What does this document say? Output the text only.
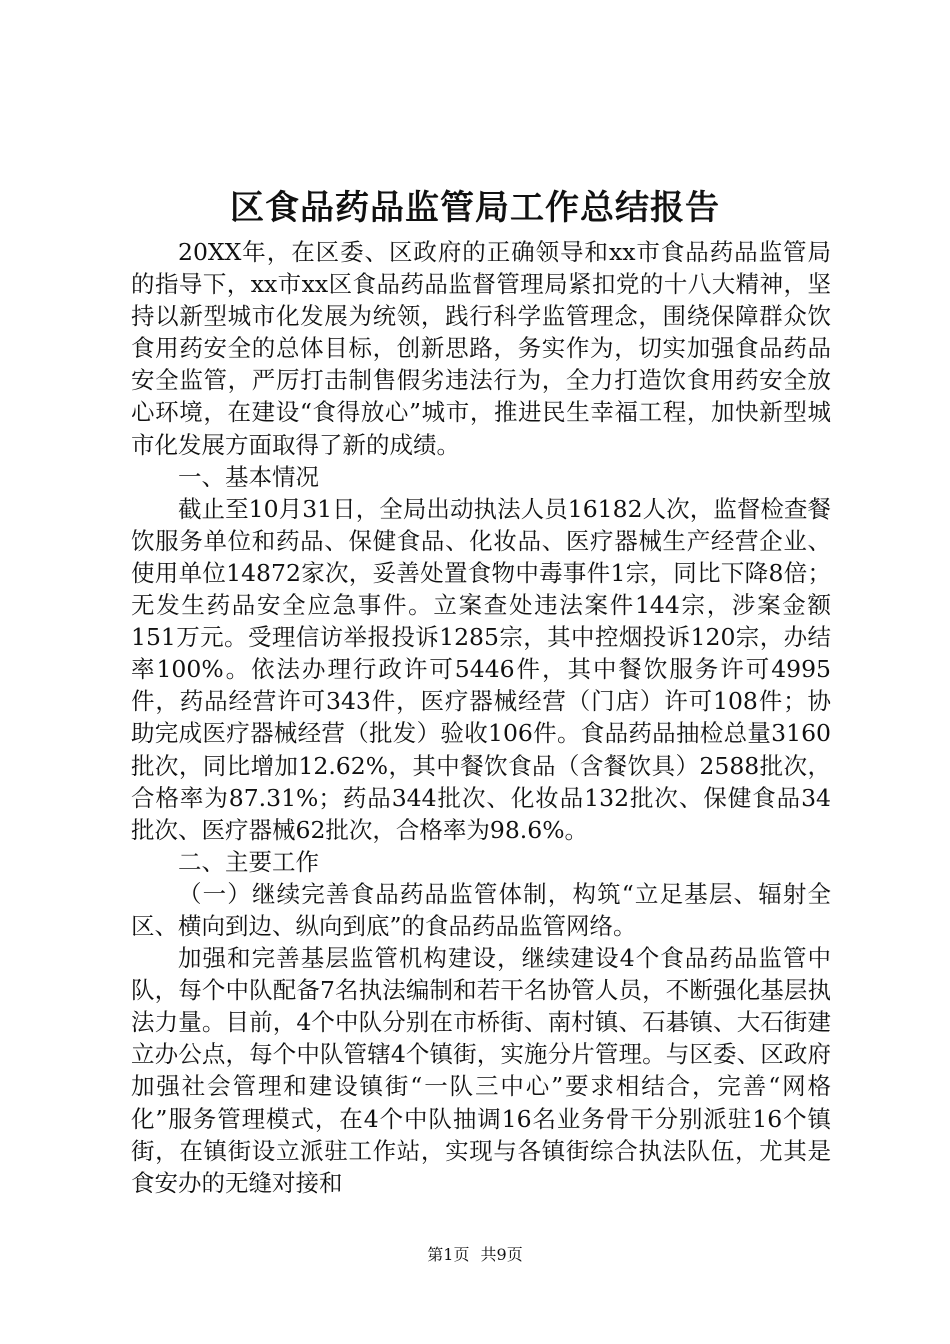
区食品药品监管局工作总结报告

20XX年，在区委、区政府的正确领导和xx市食品药品监管局的指导下，xx市xx区食品药品监督管理局紧扣党的十八大精神，坚持以新型城市化发展为统领，践行科学监管理念，围绕保障群众饮食用药安全的总体目标，创新思路，务实作为，切实加强食品药品安全监管，严厉打击制售假劣违法行为，全力打造饮食用药安全放心环境，在建设“食得放心”城市，推进民生幸福工程，加快新型城市化发展方面取得了新的成绩。

一、基本情况

截止至10月31日，全局出动执法人员16182人次，监督检查餐饮服务单位和药品、保健食品、化妆品、医疗器械生产经营企业、使用单位14872家次，妥善处置食物中毒事件1宗，同比下降8倍；无发生药品安全应急事件。立案查处违法案件144宗，涉案金额151万元。受理信访举报投诉1285宗，其中控烟投诉120宗，办结率100%。依法办理行政许可5446件，其中餐饮服务许可4995件，药品经营许可343件，医疗器械经营（门店）许可108件；协助完成医疗器械经营（批发）验收106件。食品药品抽检总量3160批次，同比增加12.62%，其中餐饮食品（含餐饮具）2588批次，合格率为87.31%；药品344批次、化妆品132批次、保健食品34批次、医疗器械62批次，合格率为98.6%。

二、主要工作

（一）继续完善食品药品监管体制，构筑“立足基层、辐射全区、横向到边、纵向到底”的食品药品监管网络。

加强和完善基层监管机构建设，继续建设4个食品药品监管中队，每个中队配备7名执法编制和若干名协管人员，不断强化基层执法力量。目前，4个中队分别在市桥街、南村镇、石碁镇、大石街建立办公点，每个中队管辖4个镇街，实施分片管理。与区委、区政府加强社会管理和建设镇街“一队三中心”要求相结合，完善“网格化”服务管理模式，在4个中队抽调16名业务骨干分别派驻16个镇街，在镇街设立派驻工作站，实现与各镇街综合执法队伍，尤其是食安办的无缝对接和

第1页 共9页
